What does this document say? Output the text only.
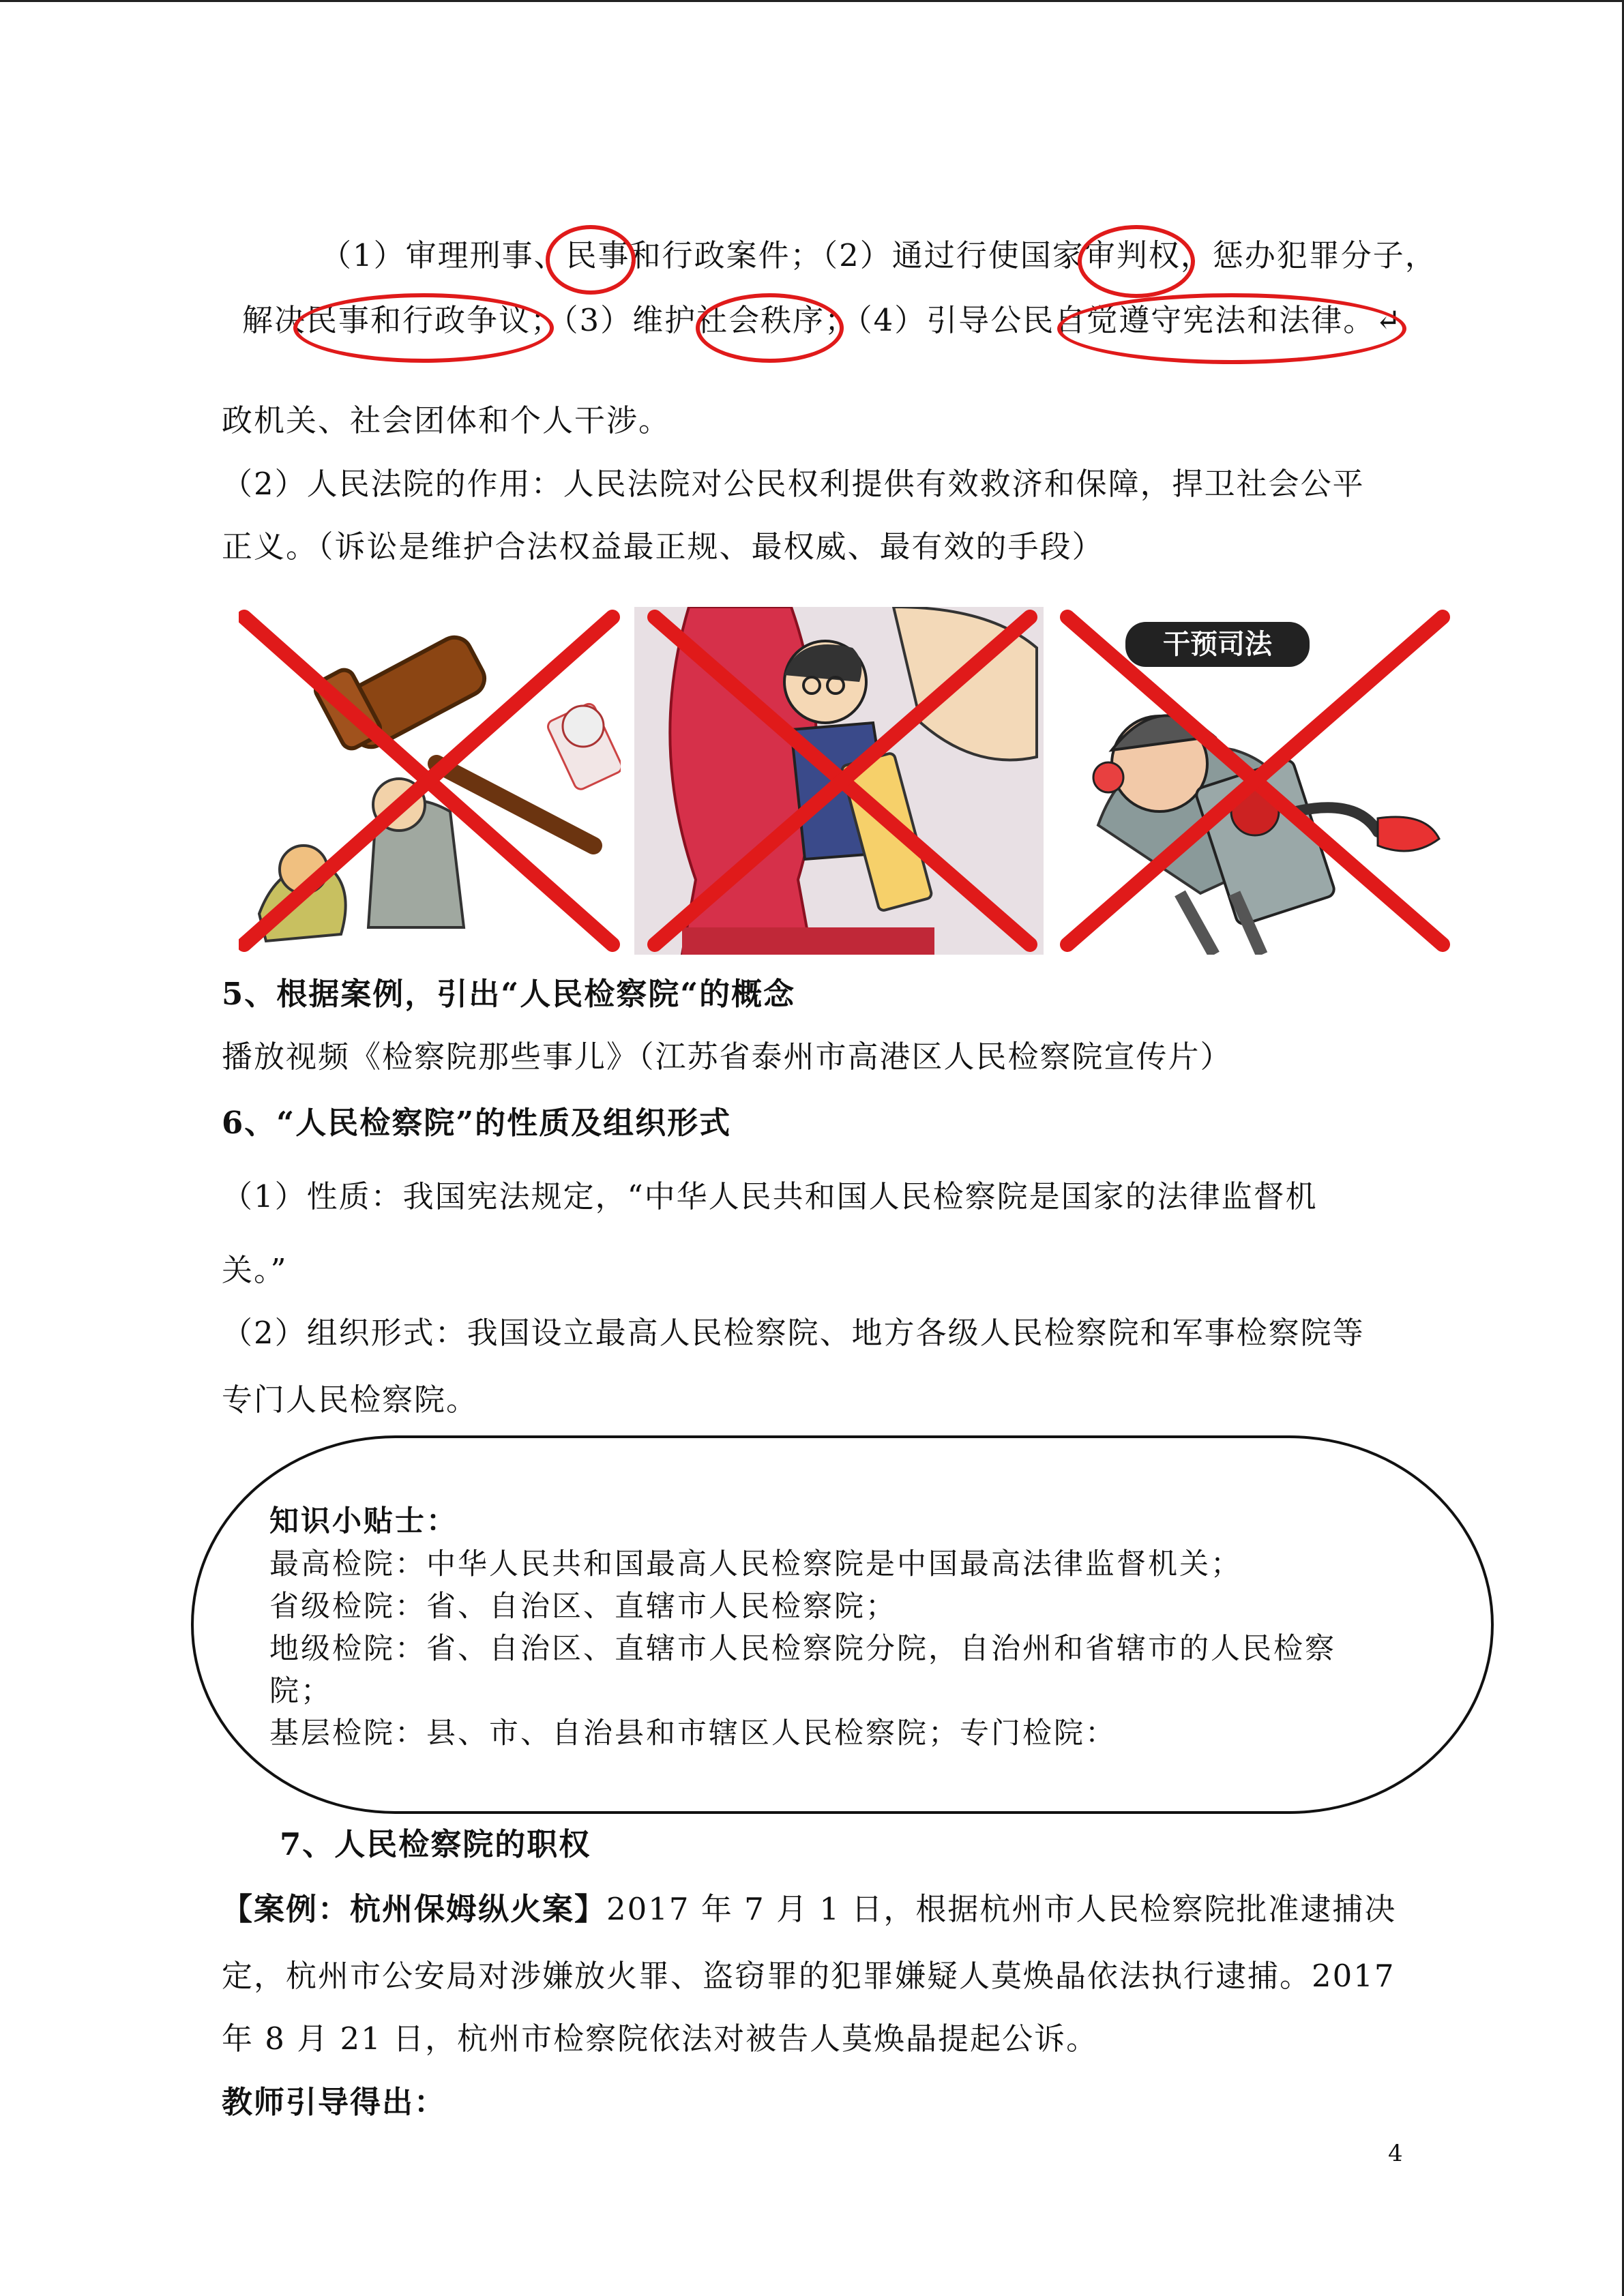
（1）审理刑事、民事和行政案件；（2）通过行使国家审判权，惩办犯罪分子，
解决民事和行政争议；（3）维护社会秩序；（4）引导公民自觉遵守宪法和法律。↵
政机关、社会团体和个人干涉。
（2）人民法院的作用：人民法院对公民权利提供有效救济和保障，捍卫社会公平
正义。（诉讼是维护合法权益最正规、最权威、最有效的手段）
干预司法
5、根据案例，引出“人民检察院“的概念
播放视频《检察院那些事儿》（江苏省泰州市高港区人民检察院宣传片）
6、“人民检察院”的性质及组织形式
（1）性质：我国宪法规定，“中华人民共和国人民检察院是国家的法律监督机
关。”
（2）组织形式：我国设立最高人民检察院、地方各级人民检察院和军事检察院等
专门人民检察院。
知识小贴士：
最高检院：中华人民共和国最高人民检察院是中国最高法律监督机关；
省级检院：省、自治区、直辖市人民检察院；
地级检院：省、自治区、直辖市人民检察院分院，自治州和省辖市的人民检察
院；
基层检院：县、市、自治县和市辖区人民检察院；专门检院：
7、人民检察院的职权
【案例：杭州保姆纵火案】2017 年 7 月 1 日，根据杭州市人民检察院批准逮捕决
定，杭州市公安局对涉嫌放火罪、盗窃罪的犯罪嫌疑人莫焕晶依法执行逮捕。2017
年 8 月 21 日，杭州市检察院依法对被告人莫焕晶提起公诉。
教师引导得出：
4
